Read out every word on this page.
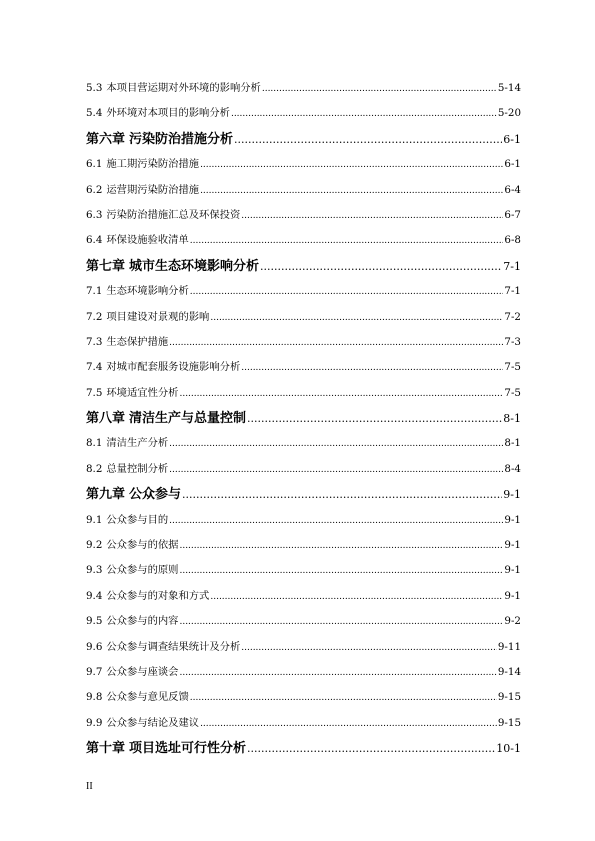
5.3 本项目营运期对外环境的影响分析 .....	5-14
5.4 外环境对本项目的影响分析 .....	5-20
第六章 污染防治措施分析 .....	6-1
6.1 施工期污染防治措施 .....	6-1
6.2 运营期污染防治措施 .....	6-4
6.3 污染防治措施汇总及环保投资 .....	6-7
6.4 环保设施验收清单 .....	6-8
第七章 城市生态环境影响分析 .....	7-1
7.1 生态环境影响分析 .....	7-1
7.2 项目建设对景观的影响 .....	7-2
7.3 生态保护措施 .....	7-3
7.4 对城市配套服务设施影响分析 .....	7-5
7.5 环境适宜性分析 .....	7-5
第八章 清洁生产与总量控制 .....	8-1
8.1 清洁生产分析 .....	8-1
8.2 总量控制分析 .....	8-4
第九章 公众参与 .....	9-1
9.1 公众参与目的 .....	9-1
9.2 公众参与的依据 .....	9-1
9.3 公众参与的原则 .....	9-1
9.4 公众参与的对象和方式 .....	9-1
9.5 公众参与的内容 .....	9-2
9.6 公众参与调查结果统计及分析 .....	9-11
9.7 公众参与座谈会 .....	9-14
9.8 公众参与意见反馈 .....	9-15
9.9 公众参与结论及建议 .....	9-15
第十章 项目选址可行性分析 .....	10-1
II
